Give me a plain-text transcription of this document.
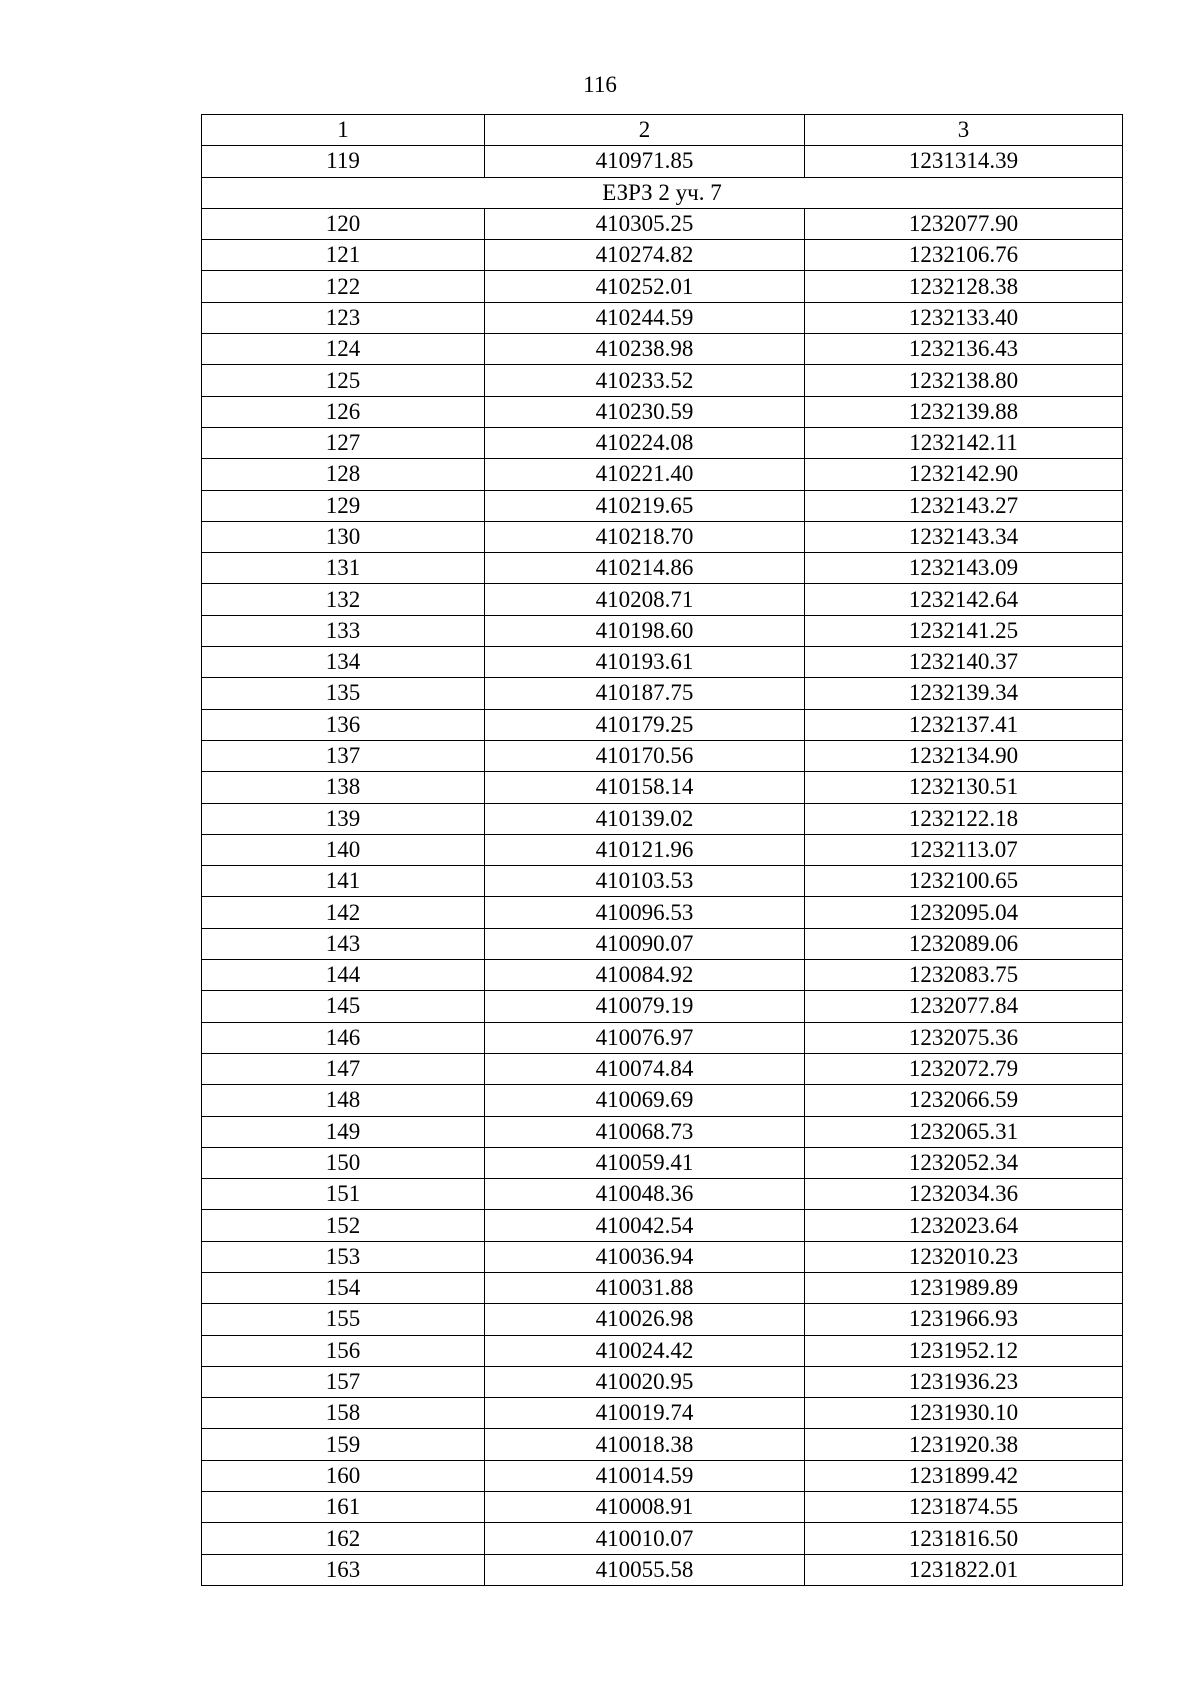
116
1	2	3
119	410971.85	1231314.39
ЕЗРЗ 2 уч. 7		
120	410305.25	1232077.90
121	410274.82	1232106.76
122	410252.01	1232128.38
123	410244.59	1232133.40
124	410238.98	1232136.43
125	410233.52	1232138.80
126	410230.59	1232139.88
127	410224.08	1232142.11
128	410221.40	1232142.90
129	410219.65	1232143.27
130	410218.70	1232143.34
131	410214.86	1232143.09
132	410208.71	1232142.64
133	410198.60	1232141.25
134	410193.61	1232140.37
135	410187.75	1232139.34
136	410179.25	1232137.41
137	410170.56	1232134.90
138	410158.14	1232130.51
139	410139.02	1232122.18
140	410121.96	1232113.07
141	410103.53	1232100.65
142	410096.53	1232095.04
143	410090.07	1232089.06
144	410084.92	1232083.75
145	410079.19	1232077.84
146	410076.97	1232075.36
147	410074.84	1232072.79
148	410069.69	1232066.59
149	410068.73	1232065.31
150	410059.41	1232052.34
151	410048.36	1232034.36
152	410042.54	1232023.64
153	410036.94	1232010.23
154	410031.88	1231989.89
155	410026.98	1231966.93
156	410024.42	1231952.12
157	410020.95	1231936.23
158	410019.74	1231930.10
159	410018.38	1231920.38
160	410014.59	1231899.42
161	410008.91	1231874.55
162	410010.07	1231816.50
163	410055.58	1231822.01
